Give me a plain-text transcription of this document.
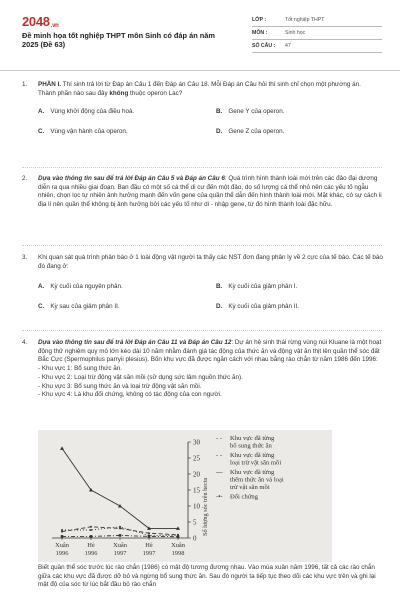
2048.vn
Đề minh họa tốt nghiệp THPT môn Sinh có đáp án năm 2025 (Đề 63)
LỚP :	Tốt nghiệp THPT
MÔN :	Sinh học
SỐ CÂU :	47
1. PHẦN I. Thí sinh trả lời từ Đáp án Câu 1 đến Đáp án Câu 18. Mỗi Đáp án Câu hỏi thí sinh chỉ chọn một phương án.

Thành phần nào sau đây không thuộc operon Lac?

A. Vùng khởi động của điều hoà.	B. Gene Y của operon.
C. Vùng vận hành của operon.	D. Gene Z của operon.
2. Dựa vào thông tin sau để trả lời Đáp án Câu 5 và Đáp án Câu 6: Quá trình hình thành loài mới trên các đảo đại dương diễn ra qua nhiều giai đoạn. Ban đầu có một số cá thể di cư đến một đảo, do số lượng cá thể nhỏ nên các yếu tố ngẫu nhiên, chọn lọc tự nhiên ảnh hưởng mạnh đến vốn gene của quần thể dẫn đến hình thành loài mới. Mặt khác, có sự cách li địa lí nên quần thể không bị ảnh hưởng bởi các yếu tố như di - nhập gene, từ đó hình thành loài đặc hữu.

3. Khi quan sát quá trình phân bào ở 1 loài động vật người ta thấy các NST đơn đang phân ly về 2 cực của tế bào. Các tế bào đó đang ở:

A. Kỳ cuối của nguyên phân.	B. Kỳ cuối của giảm phân I.
C. Kỳ sau của giảm phân II.	D. Kỳ cuối của giảm phân II.
4. Dựa vào thông tin sau để trả lời Đáp án Câu 11 và Đáp án Câu 12: Dự án hệ sinh thái rừng vùng núi Kluane là một hoạt động thử nghiệm quy mô lớn kéo dài 10 năm nhằm đánh giá tác động của thức ăn và động vật ăn thịt lên quần thể sóc đất Bắc Cực (Spermophilus parryii plesius). Bốn khu vực đã được ngăn cách với nhau bằng rào chắn từ năm 1986 đến 1996:

- Khu vực 1: Bổ sung thức ăn.

- Khu vực 2: Loại trừ động vật săn mồi (sử dụng sức lâm nguồn thức ăn).

- Khu vực 3: Bổ sung thức ăn và loại trừ động vật săn mồi.

- Khu vực 4: Là khu đối chứng, không có tác động của con người.

0
5
10
15
20
25
30
Số lượng sóc trên hecta
Xuân
1996
Hè
1996
Xuân
1997
Hè
1997
Xuân
1998
- - Khu vực đã từng
bổ sung thức ăn
- - Khu vực đã từng
loại trừ vật săn mồi
— Khu vực đã từng
thêm thức ăn và loại
trừ vật săn mồi
-•- Đối chứng

Biết quần thể sóc trước lúc rào chắn (1986) có mật độ tương đương nhau. Vào mùa xuân năm 1996, tất cả các rào chắn giữa các khu vực đã được dỡ bỏ và ngừng bổ sung thức ăn. Sau đó người ta tiếp tục theo dõi các khu vực trên và ghi lại mật độ của sóc từ lúc bắt đầu bỏ rào chắn
